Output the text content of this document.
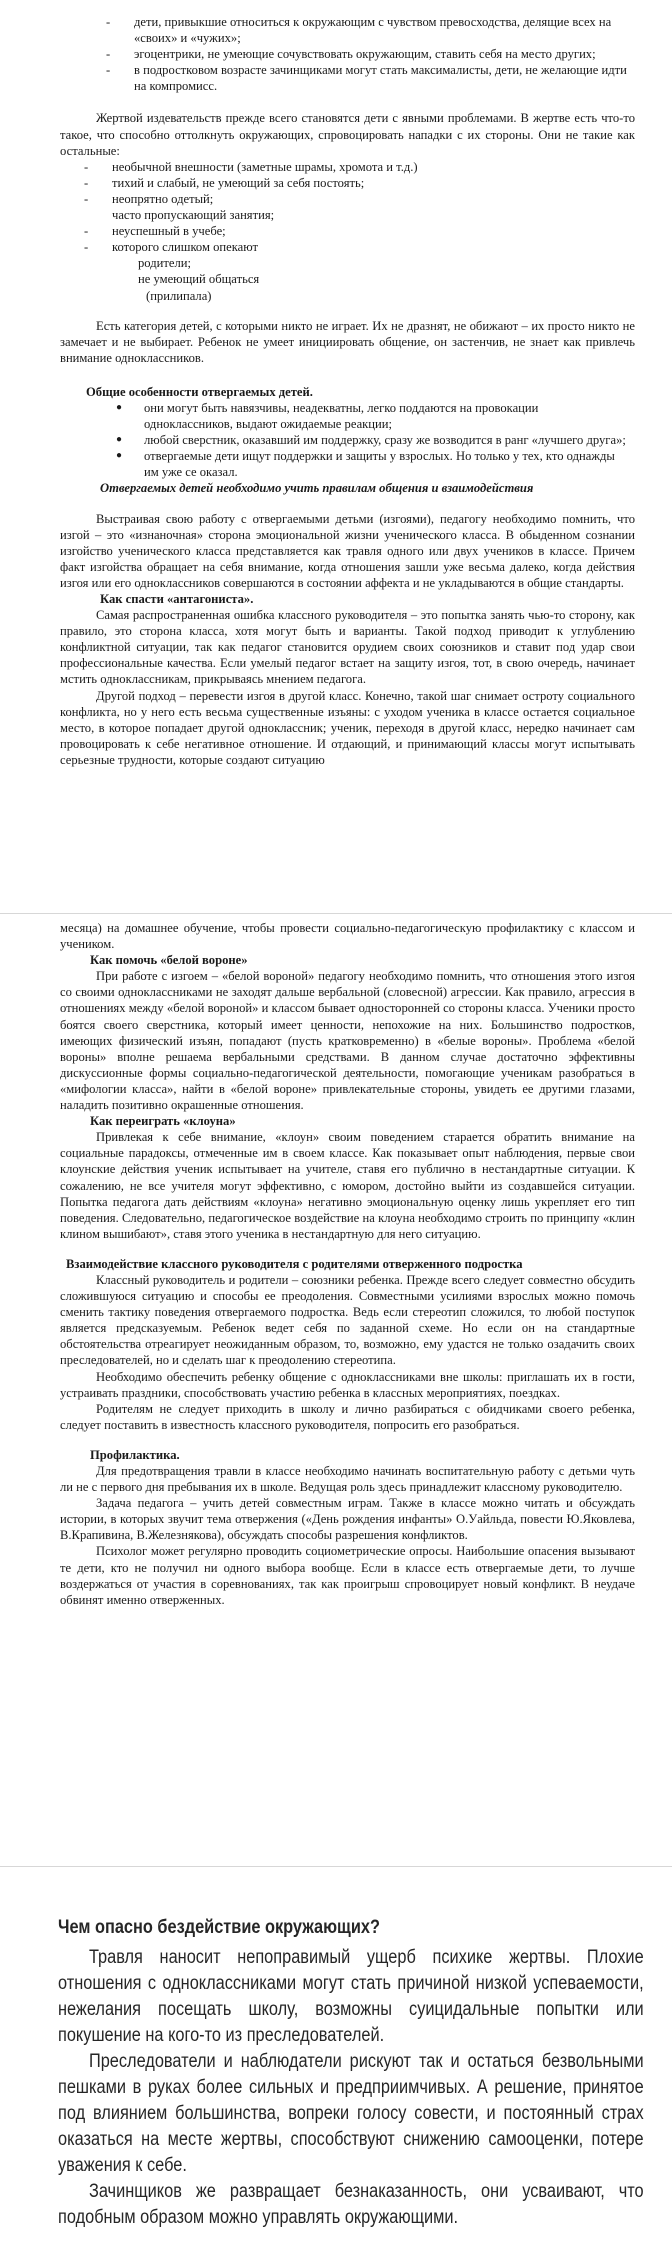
- дети, привыкшие относиться к окружающим с чувством превосходства, делящие всех на «своих» и «чужих»;
- эгоцентрики, не умеющие сочувствовать окружающим, ставить себя на место других;
- в подростковом возрасте зачинщиками могут стать максималисты, дети, не желающие идти на компромисс.

Жертвой издевательств прежде всего становятся дети с явными проблемами. В жертве есть что-то такое, что способно оттолкнуть окружающих, спровоцировать нападки с их стороны. Они не такие как остальные:

- необычной внешности (заметные шрамы, хромота и т.д.)
- тихий и слабый, не умеющий за себя постоять;
- неопрятно одетый;
часто пропускающий занятия;
- неуспешный в учебе;
- которого слишком опекают
родители;
не умеющий общаться
(прилипала)

Есть категория детей, с которыми никто не играет. Их не дразнят, не обижают – их просто никто не замечает и не выбирает. Ребенок не умеет инициировать общение, он застенчив, не знает как привлечь внимание одноклассников.

Общие особенности отвергаемых детей.

● они могут быть навязчивы, неадекватны, легко поддаются на провокации
одноклассников, выдают ожидаемые реакции;
● любой сверстник, оказавший им поддержку, сразу же возводится в ранг «лучшего друга»;
● отвергаемые дети ищут поддержки и защиты у взрослых. Но только у тех, кто однажды
им уже се оказал.

Отвергаемых детей необходимо учить правилам общения и взаимодействия

Выстраивая свою работу с отвергаемыми детьми (изгоями), педагогу необходимо помнить, что изгой – это «изнаночная» сторона эмоциональной жизни ученического класса. В обыденном сознании изгойство ученического класса представляется как травля одного или двух учеников в классе. Причем факт изгойства обращает на себя внимание, когда отношения зашли уже весьма далеко, когда действия изгоя или его одноклассников совершаются в состоянии аффекта и не укладываются в общие стандарты.

Как спасти «антагониста».

Самая распространенная ошибка классного руководителя – это попытка занять чью-то сторону, как правило, это сторона класса, хотя могут быть и варианты. Такой подход приводит к углублению конфликтной ситуации, так как педагог становится орудием своих союзников и ставит под удар свои профессиональные качества. Если умелый педагог встает на защиту изгоя, тот, в свою очередь, начинает мстить одноклассникам, прикрываясь мнением педагога.

Другой подход – перевести изгоя в другой класс. Конечно, такой шаг снимает остроту социального конфликта, но у него есть весьма существенные изъяны: с уходом ученика в классе остается социальное место, в которое попадает другой одноклассник; ученик, переходя в другой класс, нередко начинает сам провоцировать к себе негативное отношение. И отдающий, и принимающий классы могут испытывать серьезные трудности, которые создают ситуацию

месяца) на домашнее обучение, чтобы провести социально-педагогическую профилактику с классом и учеником.

Как помочь «белой вороне»

При работе с изгоем – «белой вороной» педагогу необходимо помнить, что отношения этого изгоя со своими одноклассниками не заходят дальше вербальной (словесной) агрессии. Как правило, агрессия в отношениях между «белой вороной» и классом бывает односторонней со стороны класса. Ученики просто боятся своего сверстника, который имеет ценности, непохожие на них. Большинство подростков, имеющих физический изъян, попадают (пусть кратковременно) в «белые вороны». Проблема «белой вороны» вполне решаема вербальными средствами. В данном случае достаточно эффективны дискуссионные формы социально-педагогической деятельности, помогающие ученикам разобраться в «мифологии класса», найти в «белой вороне» привлекательные стороны, увидеть ее другими глазами, наладить позитивно окрашенные отношения.

Как переиграть «клоуна»

Привлекая к себе внимание, «клоун» своим поведением старается обратить внимание на социальные парадоксы, отмеченные им в своем классе. Как показывает опыт наблюдения, первые свои клоунские действия ученик испытывает на учителе, ставя его публично в нестандартные ситуации. К сожалению, не все учителя могут эффективно, с юмором, достойно выйти из создавшейся ситуации. Попытка педагога дать действиям «клоуна» негативно эмоциональную оценку лишь укрепляет его тип поведения. Следовательно, педагогическое воздействие на клоуна необходимо строить по принципу «клин клином вышибают», ставя этого ученика в нестандартную для него ситуацию.

Взаимодействие классного руководителя с родителями отверженного подростка

Классный руководитель и родители – союзники ребенка. Прежде всего следует совместно обсудить сложившуюся ситуацию и способы ее преодоления. Совместными усилиями взрослых можно помочь сменить тактику поведения отвергаемого подростка. Ведь если стереотип сложился, то любой поступок является предсказуемым. Ребенок ведет себя по заданной схеме. Но если он на стандартные обстоятельства отреагирует неожиданным образом, то, возможно, ему удастся не только озадачить своих преследователей, но и сделать шаг к преодолению стереотипа.

Необходимо обеспечить ребенку общение с одноклассниками вне школы: приглашать их в гости, устраивать праздники, способствовать участию ребенка в классных мероприятиях, поездках.

Родителям не следует приходить в школу и лично разбираться с обидчиками своего ребенка, следует поставить в известность классного руководителя, попросить его разобраться.

Профилактика.

Для предотвращения травли в классе необходимо начинать воспитательную работу с детьми чуть ли не с первого дня пребывания их в школе. Ведущая роль здесь принадлежит классному руководителю.

Задача педагога – учить детей совместным играм. Также в классе можно читать и обсуждать истории, в которых звучит тема отвержения («День рождения инфанты» О.Уайльда, повести Ю.Яковлева, В.Крапивина, В.Железнякова), обсуждать способы разрешения конфликтов.

Психолог может регулярно проводить социометрические опросы. Наибольшие опасения вызывают те дети, кто не получил ни одного выбора вообще. Если в классе есть отвергаемые дети, то лучше воздержаться от участия в соревнованиях, так как проигрыш спровоцирует новый конфликт. В неудаче обвинят именно отверженных.

Чем опасно бездействие окружающих?

Травля наносит непоправимый ущерб психике жертвы. Плохие отношения с одноклассниками могут стать причиной низкой успеваемости, нежелания посещать школу, возможны суицидальные попытки или покушение на кого-то из преследователей.

Преследователи и наблюдатели рискуют так и остаться безвольными пешками в руках более сильных и предприимчивых. А решение, принятое под влиянием большинства, вопреки голосу совести, и постоянный страх оказаться на месте жертвы, способствуют снижению самооценки, потере уважения к себе.

Зачинщиков же развращает безнаказанность, они усваивают, что подобным образом можно управлять окружающими.
